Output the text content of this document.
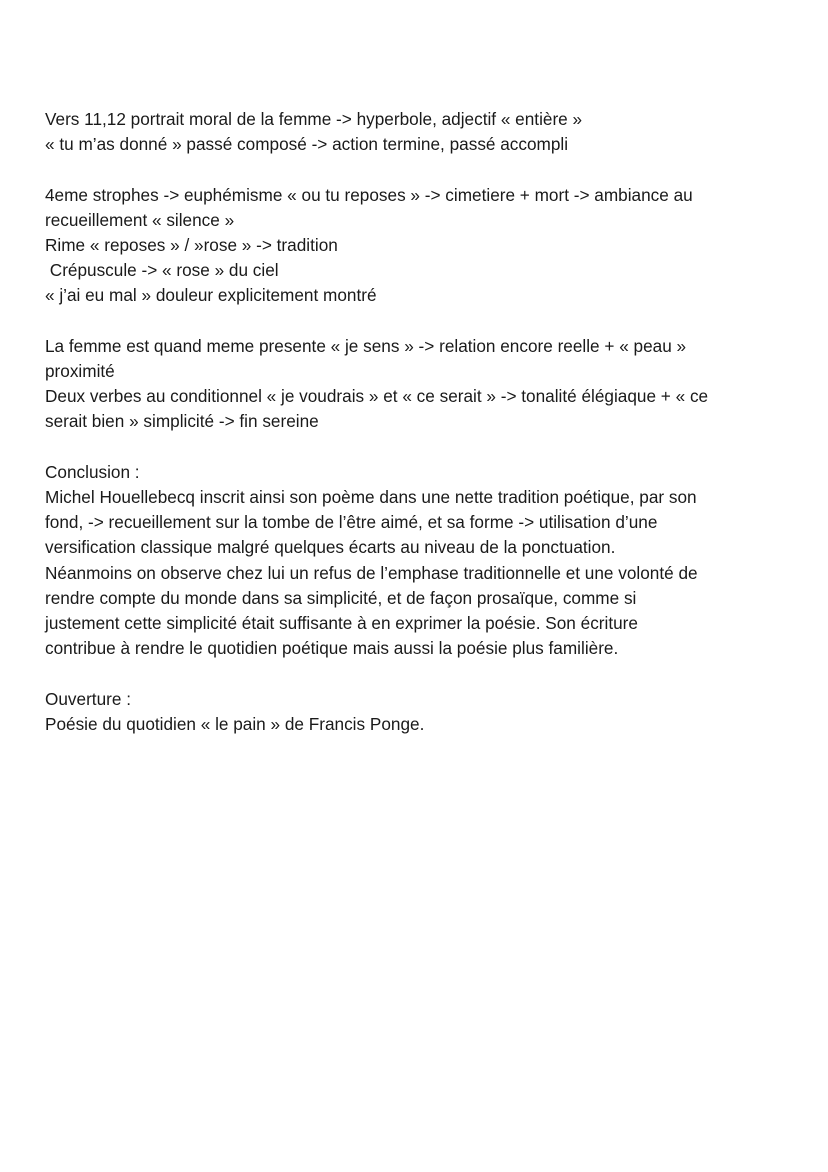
Vers 11,12 portrait moral de la femme -> hyperbole, adjectif « entière »
« tu m’as donné » passé composé -> action termine, passé accompli
4eme strophes -> euphémisme « ou tu reposes » -> cimetiere + mort -> ambiance au
recueillement « silence »
Rime « reposes » / »rose » -> tradition
Crépuscule -> « rose » du ciel
« j’ai eu mal » douleur explicitement montré
La femme est quand meme presente « je sens » -> relation encore reelle + « peau »
proximité
Deux verbes au conditionnel « je voudrais » et « ce serait » -> tonalité élégiaque + « ce
serait bien » simplicité -> fin sereine
Conclusion :
Michel Houellebecq inscrit ainsi son poème dans une nette tradition poétique, par son
fond, -> recueillement sur la tombe de l’être aimé, et sa forme -> utilisation d’une
versification classique malgré quelques écarts au niveau de la ponctuation.
Néanmoins on observe chez lui un refus de l’emphase traditionnelle et une volonté de
rendre compte du monde dans sa simplicité, et de façon prosaïque, comme si
justement cette simplicité était suffisante à en exprimer la poésie. Son écriture
contribue à rendre le quotidien poétique mais aussi la poésie plus familière.
Ouverture :
Poésie du quotidien « le pain » de Francis Ponge.
